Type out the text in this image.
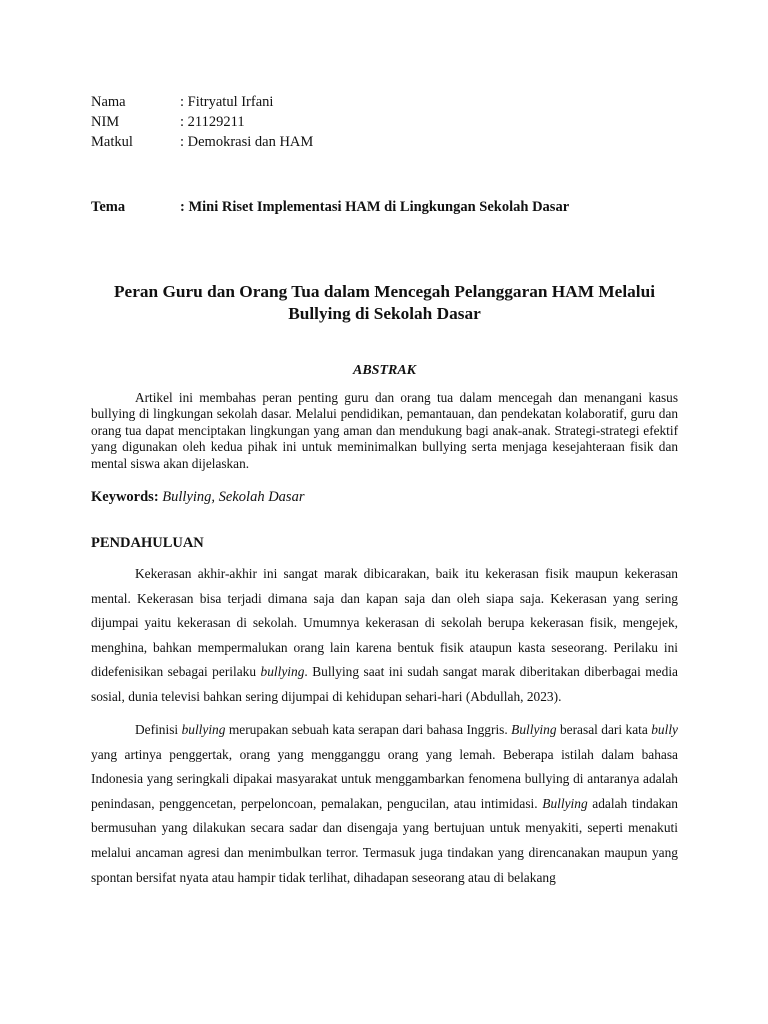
Nama	: Fitryatul Irfani
NIM	: 21129211
Matkul	: Demokrasi dan HAM
Tema	: Mini Riset Implementasi HAM di Lingkungan Sekolah Dasar
Peran Guru dan Orang Tua dalam Mencegah Pelanggaran HAM Melalui Bullying di Sekolah Dasar
ABSTRAK

Artikel ini membahas peran penting guru dan orang tua dalam mencegah dan menangani kasus bullying di lingkungan sekolah dasar. Melalui pendidikan, pemantauan, dan pendekatan kolaboratif, guru dan orang tua dapat menciptakan lingkungan yang aman dan mendukung bagi anak-anak. Strategi-strategi efektif yang digunakan oleh kedua pihak ini untuk meminimalkan bullying serta menjaga kesejahteraan fisik dan mental siswa akan dijelaskan.

Keywords: Bullying, Sekolah Dasar
PENDAHULUAN

Kekerasan akhir-akhir ini sangat marak dibicarakan, baik itu kekerasan fisik maupun kekerasan mental. Kekerasan bisa terjadi dimana saja dan kapan saja dan oleh siapa saja. Kekerasan yang sering dijumpai yaitu kekerasan di sekolah. Umumnya kekerasan di sekolah berupa kekerasan fisik, mengejek, menghina, bahkan mempermalukan orang lain karena bentuk fisik ataupun kasta seseorang. Perilaku ini didefenisikan sebagai perilaku bullying. Bullying saat ini sudah sangat marak diberitakan diberbagai media sosial, dunia televisi bahkan sering dijumpai di kehidupan sehari-hari (Abdullah, 2023).

Definisi bullying merupakan sebuah kata serapan dari bahasa Inggris. Bullying berasal dari kata bully yang artinya penggertak, orang yang mengganggu orang yang lemah. Beberapa istilah dalam bahasa Indonesia yang seringkali dipakai masyarakat untuk menggambarkan fenomena bullying di antaranya adalah penindasan, penggencetan, perpeloncoan, pemalakan, pengucilan, atau intimidasi. Bullying adalah tindakan bermusuhan yang dilakukan secara sadar dan disengaja yang bertujuan untuk menyakiti, seperti menakuti melalui ancaman agresi dan menimbulkan terror. Termasuk juga tindakan yang direncanakan maupun yang spontan bersifat nyata atau hampir tidak terlihat, dihadapan seseorang atau di belakang
